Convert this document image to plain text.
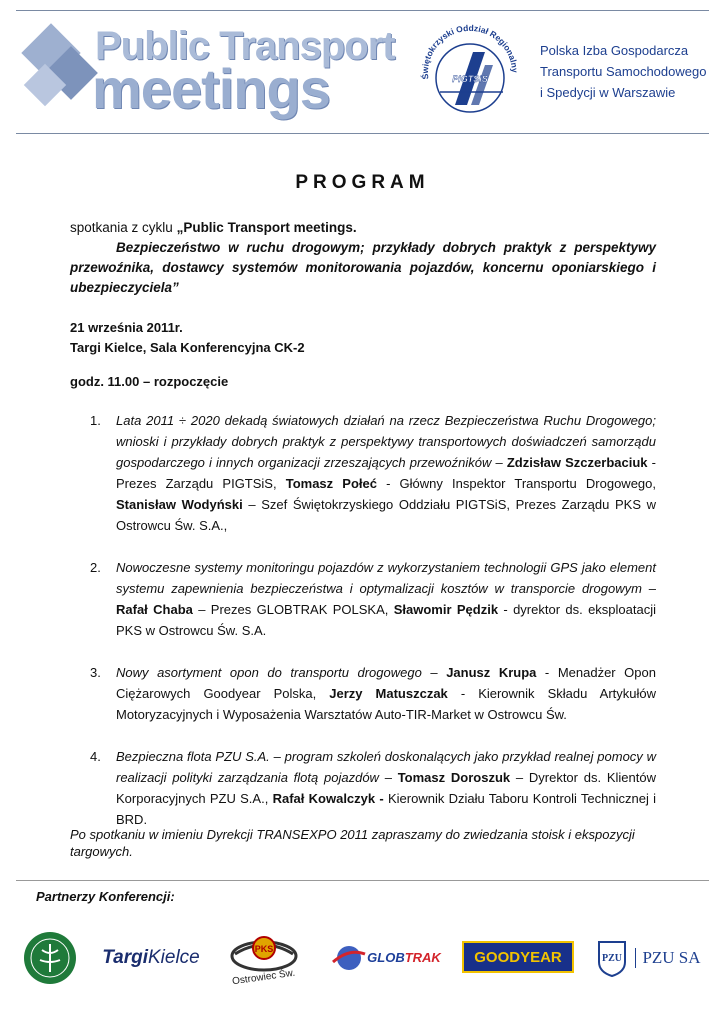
Public Transport
meetings	Świętokrzyski Oddział Regionalny
PIGTSiS
Polska Izba Gospodarcza
Transportu Samochodowego
i Spedycji w Warszawie
PROGRAM
spotkania z cyklu „Public Transport meetings.
Bezpieczeństwo w ruchu drogowym; przykłady dobrych praktyk z perspektywy przewoźnika, dostawcy systemów monitorowania pojazdów, koncernu oponiarskiego i ubezpieczyciela”
21 września 2011r.
Targi Kielce, Sala Konferencyjna CK-2
godz. 11.00 – rozpoczęcie
1. Lata 2011 ÷ 2020 dekadą światowych działań na rzecz Bezpieczeństwa Ruchu Drogowego; wnioski i przykłady dobrych praktyk z perspektywy transportowych doświadczeń samorządu gospodarczego i innych organizacji zrzeszających przewoźników – Zdzisław Szczerbaciuk - Prezes Zarządu PIGTSiS, Tomasz Połeć - Główny Inspektor Transportu Drogowego, Stanisław Wodyński – Szef Świętokrzyskiego Oddziału PIGTSiS, Prezes Zarządu PKS w Ostrowcu Św. S.A.,
2. Nowoczesne systemy monitoringu pojazdów z wykorzystaniem technologii GPS jako element systemu zapewnienia bezpieczeństwa i optymalizacji kosztów w transporcie drogowym – Rafał Chaba – Prezes GLOBTRAK POLSKA, Sławomir Pędzik - dyrektor ds. eksploatacji PKS w Ostrowcu Św. S.A.
3. Nowy asortyment opon do transportu drogowego – Janusz Krupa - Menadżer Opon Ciężarowych Goodyear Polska, Jerzy Matuszczak - Kierownik Składu Artykułów Motoryzacyjnych i Wyposażenia Warsztatów Auto-TIR-Market w Ostrowcu Św.
4. Bezpieczna flota PZU S.A. – program szkoleń doskonalących jako przykład realnej pomocy w realizacji polityki zarządzania flotą pojazdów – Tomasz Doroszuk – Dyrektor ds. Klientów Korporacyjnych PZU S.A., Rafał Kowalczyk - Kierownik Działu Taboru Kontroli Technicznej i BRD.
Po spotkaniu w imieniu Dyrekcji TRANSEXPO 2011 zapraszamy do zwiedzania stoisk i ekspozycji targowych.
Partnerzy Konferencji:
Targi Kielce	PKS
Ostrowiec Św.
GLOBTRAK GOODYEAR	PZU	PZU SA
